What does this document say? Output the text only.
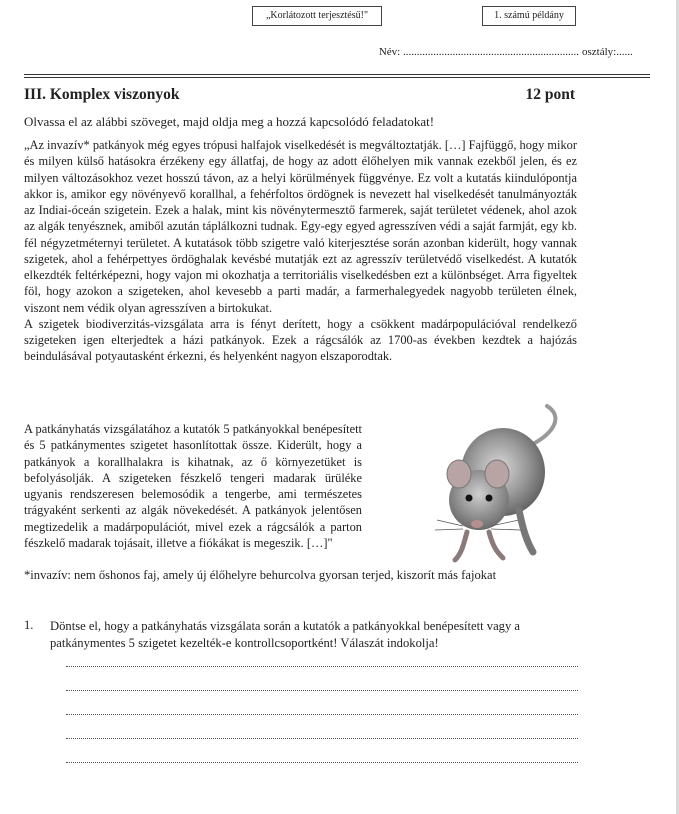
„Korlátozott terjesztésű!"	1. számú példány
Név: ................................................................ osztály:......
III. Komplex viszonyok	12 pont
Olvassa el az alábbi szöveget, majd oldja meg a hozzá kapcsolódó feladatokat!

„Az invazív* patkányok még egyes trópusi halfajok viselkedését is megváltoztatják. […] Fajfüggő, hogy mikor és milyen külső hatásokra érzékeny egy állatfaj, de hogy az adott élőhelyen mik vannak ezekből jelen, és ez milyen változásokhoz vezet hosszú távon, az a helyi körülmények függvénye. Ez volt a kutatás kiindulópontja akkor is, amikor egy növényevő korallhal, a fehérfoltos ördögnek is nevezett hal viselkedését tanulmányozták az Indiai-óceán szigetein. Ezek a halak, mint kis növénytermesztő farmerek, saját területet védenek, ahol azok az algák tenyésznek, amiből azután táplálkozni tudnak. Egy-egy egyed agresszíven védi a saját farmját, egy kb. fél négyzetméternyi területet. A kutatások több szigetre való kiterjesztése során azonban kiderült, hogy vannak szigetek, ahol a fehérpettyes ördöghalak kevésbé mutatják ezt az agresszív területvédő viselkedést. A kutatók elkezdték feltérképezni, hogy vajon mi okozhatja a territoriális viselkedésben ezt a különbséget. Arra figyeltek föl, hogy azokon a szigeteken, ahol kevesebb a parti madár, a farmerhalegyedek nagyobb területen élnek, viszont nem védik olyan agresszíven a birtokukat.

A szigetek biodiverzitás-vizsgálata arra is fényt derített, hogy a csökkent madárpopulációval rendelkező szigeteken igen elterjedtek a házi patkányok. Ezek a rágcsálók az 1700-as években kezdtek a hajózás beindulásával potyautasként érkezni, és helyenként nagyon elszaporodtak.

A patkányhatás vizsgálatához a kutatók 5 patkányokkal benépesített és 5 patkánymentes szigetet hasonlítottak össze. Kiderült, hogy a patkányok a korallhalakra is kihatnak, az ő környezetüket is befolyásolják. A szigeteken fészkelő tengeri madarak ürüléke ugyanis rendszeresen belemosódik a tengerbe, ami természetes trágyaként serkenti az algák növekedését. A patkányok jelentősen megtizedelik a madárpopulációt, mivel ezek a rágcsálók a parton fészkelő madarak tojásait, illetve a fiókákat is megeszik. […]"

*invazív: nem őshonos faj, amely új élőhelyre behurcolva gyorsan terjed, kiszorít más fajokat
1. Döntse el, hogy a patkányhatás vizsgálata során a kutatók a patkányokkal benépesített vagy a patkánymentes 5 szigetet kezelték-e kontrollcsoportként! Válaszát indokolja!
